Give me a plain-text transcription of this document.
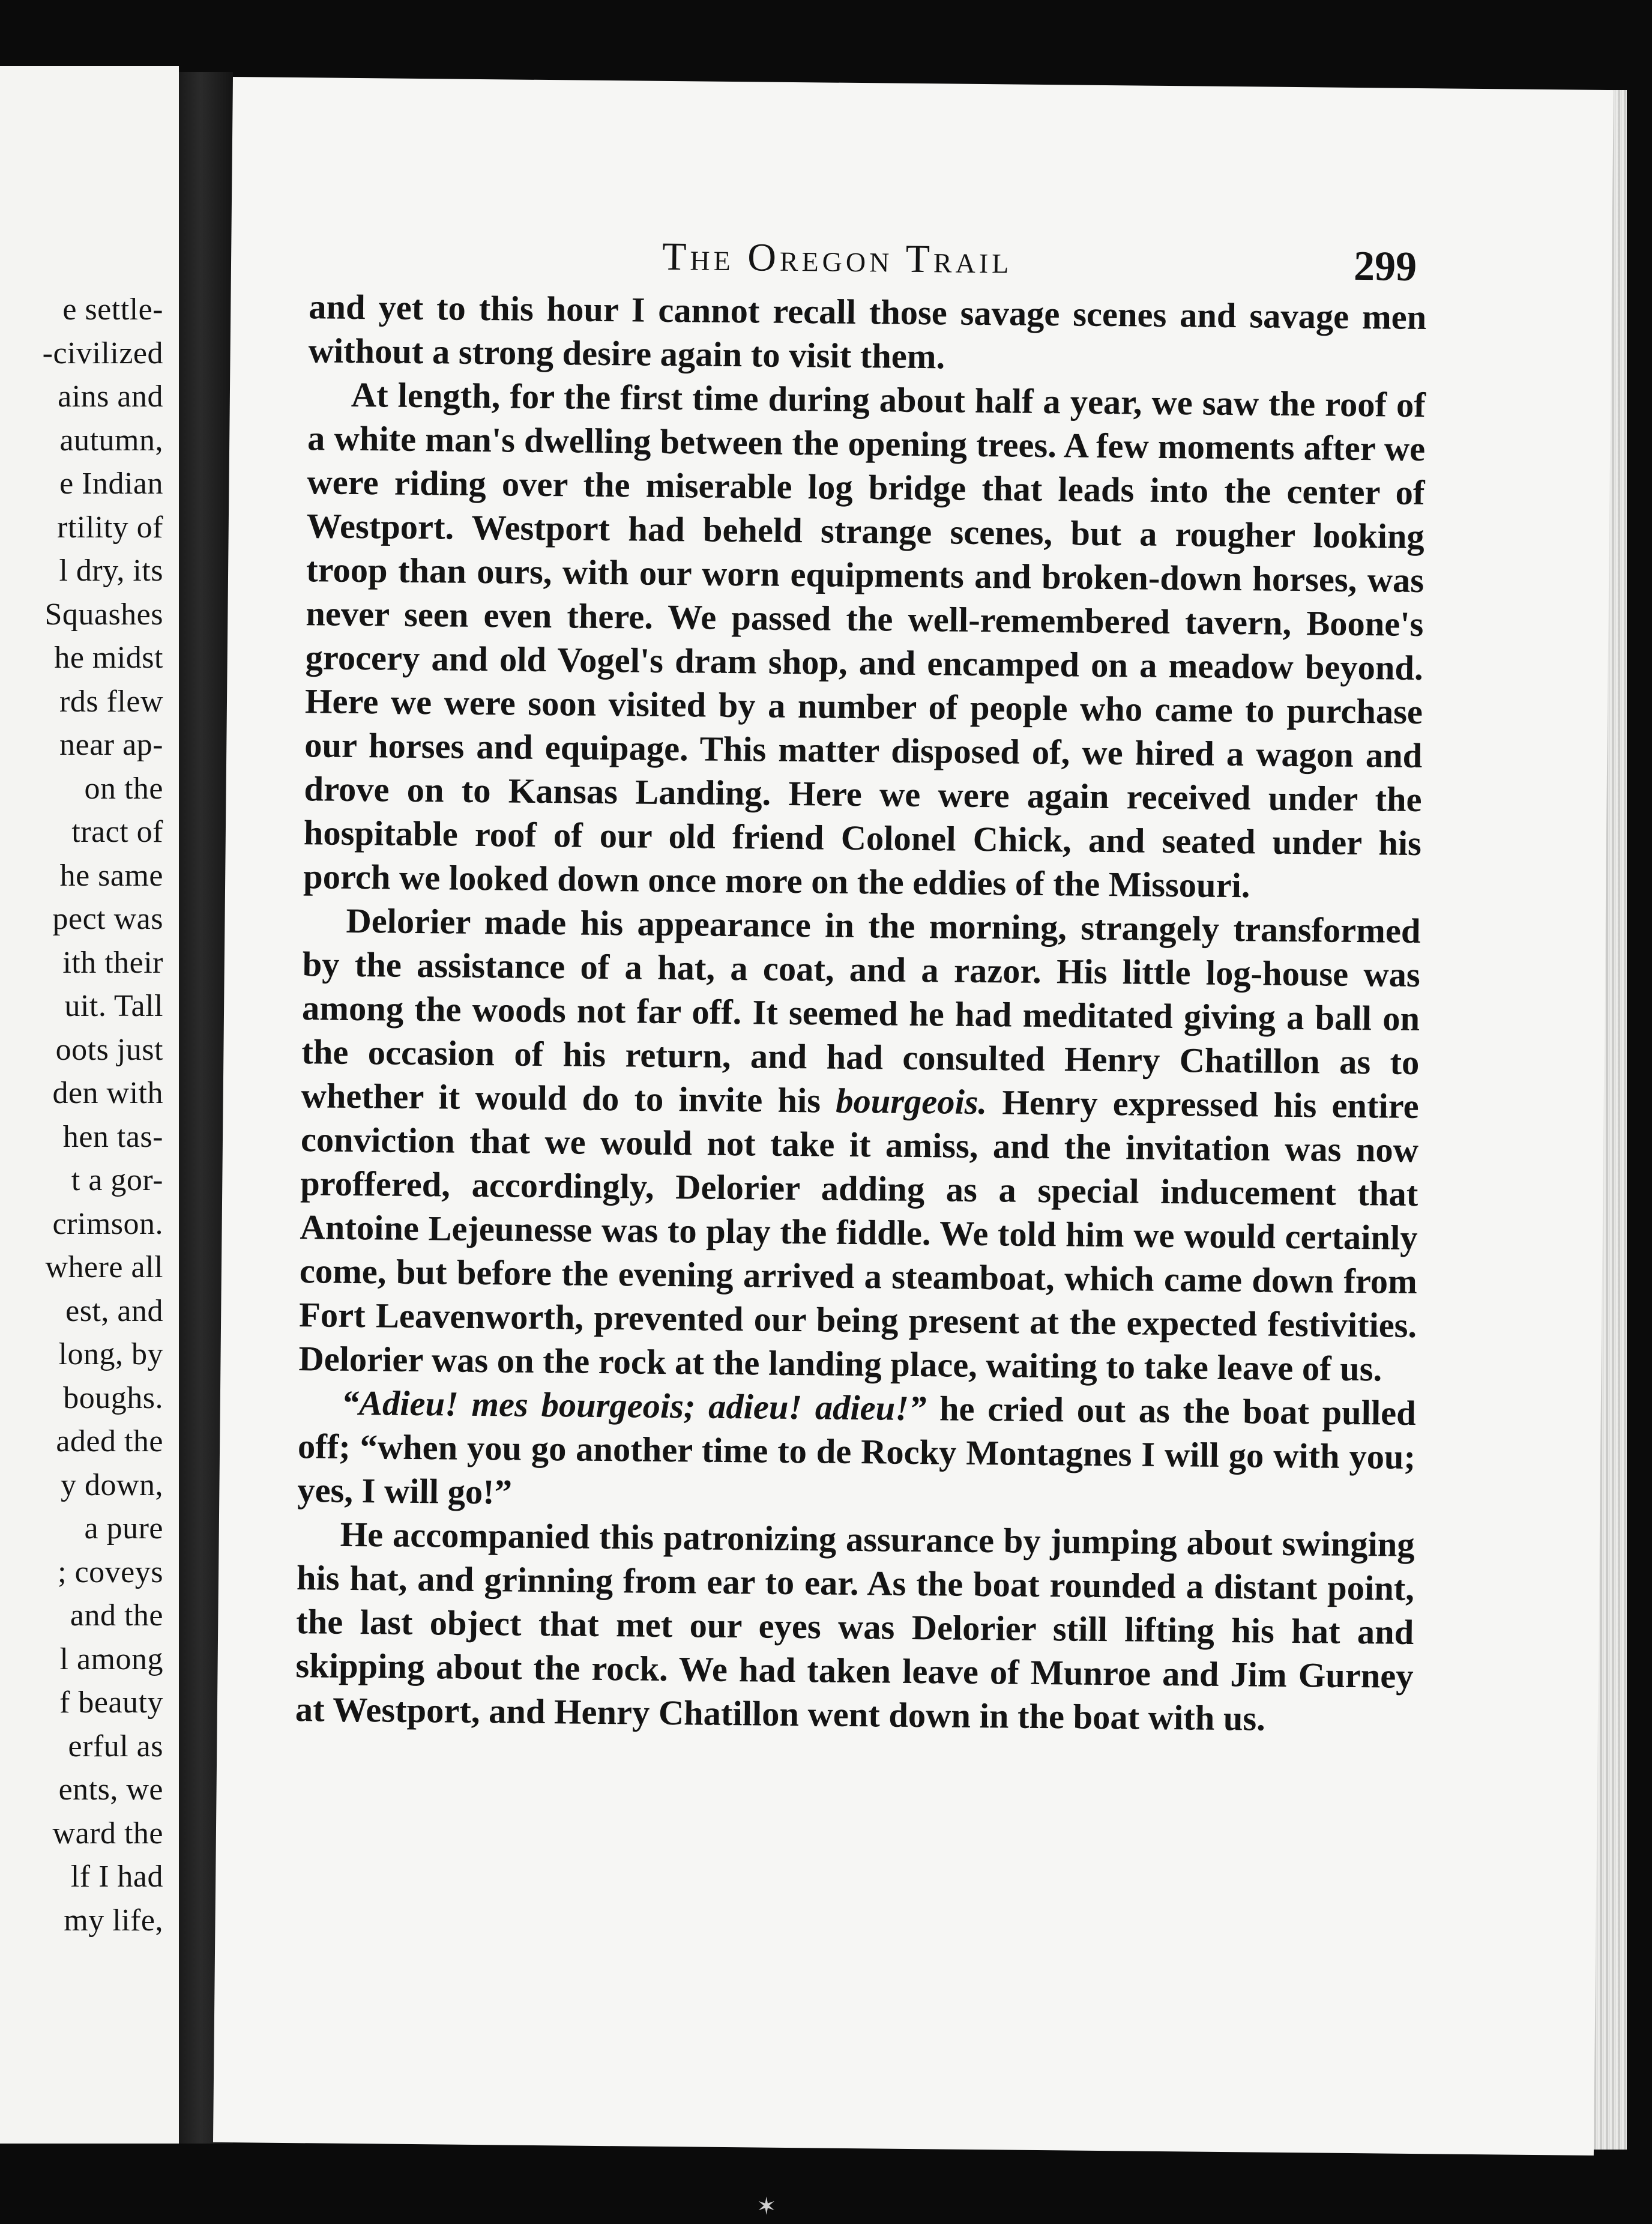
e settle-
-civilized
ains and
autumn,
e Indian
rtility of
l dry, its
Squashes
he midst
rds flew
near ap-
on the
tract of
he same
pect was
ith their
uit. Tall
oots just
den with
hen tas-
t a gor-
crimson.
where all
est, and
long, by
boughs.
aded the
y down,
a pure
; coveys
and the
l among
f beauty
erful as
ents, we
ward the
lf I had
my life,
The Oregon Trail	299

and yet to this hour I cannot recall those savage scenes and savage men without a strong desire again to visit them.

At length, for the first time during about half a year, we saw the roof of a white man's dwelling between the opening trees. A few moments after we were riding over the miserable log bridge that leads into the center of Westport. Westport had beheld strange scenes, but a rougher looking troop than ours, with our worn equipments and broken-down horses, was never seen even there. We passed the well-remembered tavern, Boone's grocery and old Vogel's dram shop, and encamped on a meadow beyond. Here we were soon visited by a number of people who came to purchase our horses and equipage. This matter disposed of, we hired a wagon and drove on to Kansas Landing. Here we were again received under the hospitable roof of our old friend Colonel Chick, and seated under his porch we looked down once more on the eddies of the Missouri.

Delorier made his appearance in the morning, strangely transformed by the assistance of a hat, a coat, and a razor. His little log-house was among the woods not far off. It seemed he had meditated giving a ball on the occasion of his return, and had consulted Henry Chatillon as to whether it would do to invite his bourgeois. Henry expressed his entire conviction that we would not take it amiss, and the invitation was now proffered, accordingly, Delorier adding as a special inducement that Antoine Lejeunesse was to play the fiddle. We told him we would certainly come, but before the evening arrived a steamboat, which came down from Fort Leavenworth, prevented our being present at the expected festivities. Delorier was on the rock at the landing place, waiting to take leave of us.

“Adieu! mes bourgeois; adieu! adieu!” he cried out as the boat pulled off; “when you go another time to de Rocky Montagnes I will go with you; yes, I will go!”

He accompanied this patronizing assurance by jumping about swinging his hat, and grinning from ear to ear. As the boat rounded a distant point, the last object that met our eyes was Delorier still lifting his hat and skipping about the rock. We had taken leave of Munroe and Jim Gurney at Westport, and Henry Chatillon went down in the boat with us.

✶
